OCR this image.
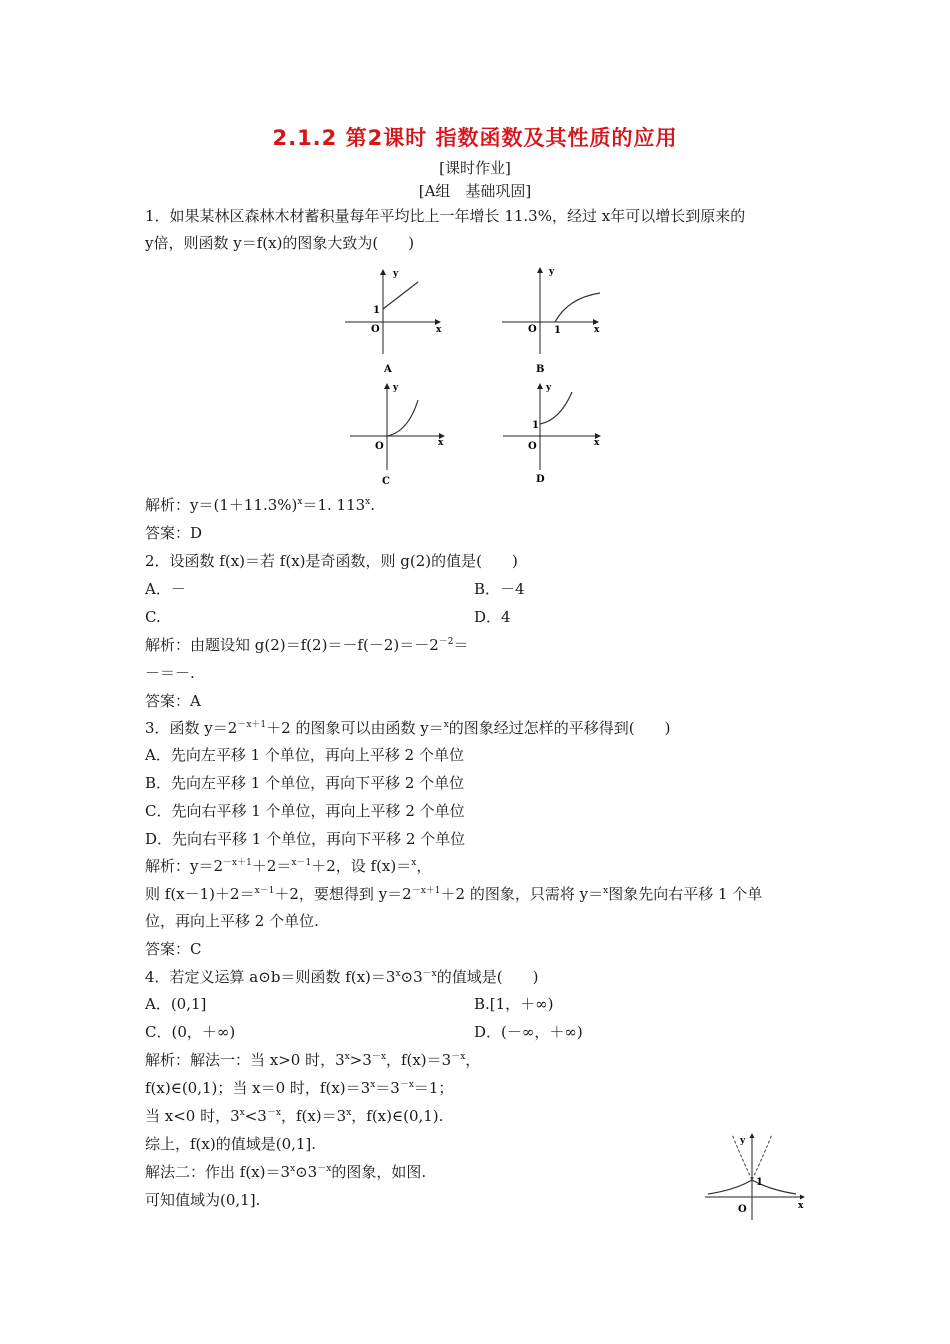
2.1.2 第2课时 指数函数及其性质的应用
[课时作业]
[A组　基础巩固]
1．如果某林区森林木材蓄积量每年平均比上一年增长 11.3%，经过 x年可以增长到原来的
y倍，则函数 y＝f(x)的图象大致为(　　)
y
x
O
1
A
y
x
O 1
B
y
x
O
C
y
x
O
1
D
解析：$y=(1+11.3\%)^x=1$. 113$^x$.
答案：D
2．设函数 f(x)＝若 f(x)是奇函数，则 g(2)的值是(　　)
A．－	B．－4
C.	D．4
解析：由题设知 $g(2)=f(2)=-f(-2)=-2^{-2}=$
－＝－.
答案：A
3．函数 $y=2^{-x+1}+2$ 的图象可以由函数 y＝$^x$的图象经过怎样的平移得到(　　)
A．先向左平移 1 个单位，再向上平移 2 个单位
B．先向左平移 1 个单位，再向下平移 2 个单位
C．先向右平移 1 个单位，再向上平移 2 个单位
D．先向右平移 1 个单位，再向下平移 2 个单位
解析：$y=2^{-x+1}+2=^{x-1}+2$，设 f(x)＝$^x$，
则 f(x－1)＋2＝$^{x-1}$＋2，要想得到 $y=2^{-x+1}+2$ 的图象，只需将 y＝$^x$图象先向右平移 1 个单
位，再向上平移 2 个单位.
答案：C
4．若定义运算 a⊙b＝则函数 $f(x)=3^x⊙3^{-x}$的值域是(　　)
A．(0,1]	B.[1，＋∞)
C．(0，＋∞)	D．(－∞，＋∞)
解析：解法一：当 x>0 时，$3^x>3^{-x}$，$f(x)=3^{-x}$，
f(x)∈(0,1)；当 x＝0 时，$f(x)=3^x=3^{-x}=1$；
当 x<0 时，$3^x<3^{-x}$，$f(x)=3^x$，f(x)∈(0,1).
综上，f(x)的值域是(0,1].
解法二：作出 $f(x)=3^x⊙3^{-x}$的图象，如图.
可知值域为(0,1].
y
x
O
1
